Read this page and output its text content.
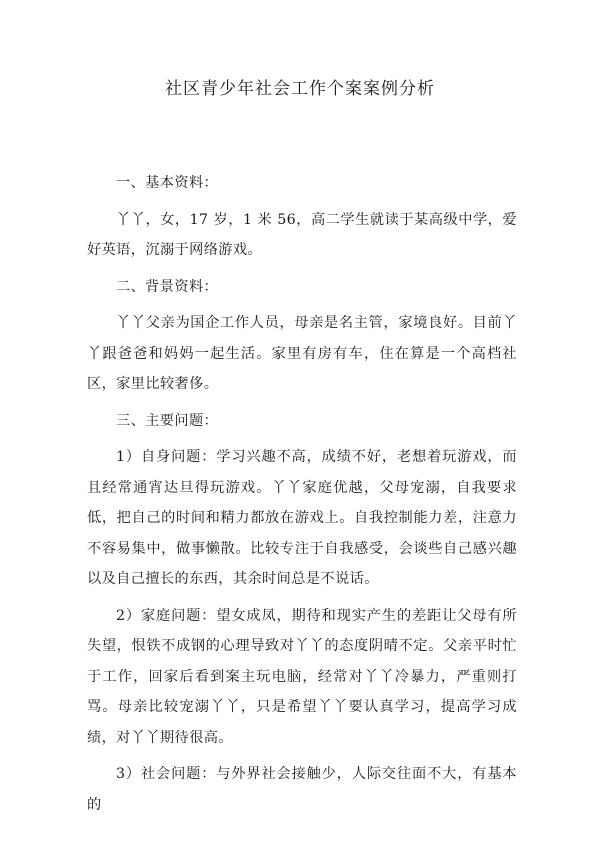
社区青少年社会工作个案案例分析

一、基本资料：

丫丫，女，17 岁，1 米 56，高二学生就读于某高级中学，爱好英语，沉溺于网络游戏。

二、背景资料：

丫丫父亲为国企工作人员，母亲是名主管，家境良好。目前丫丫跟爸爸和妈妈一起生活。家里有房有车，住在算是一个高档社区，家里比较奢侈。

三、主要问题：

1）自身问题：学习兴趣不高，成绩不好，老想着玩游戏，而且经常通宵达旦得玩游戏。丫丫家庭优越，父母宠溺，自我要求低，把自己的时间和精力都放在游戏上。自我控制能力差，注意力不容易集中，做事懒散。比较专注于自我感受，会谈些自己感兴趣以及自己擅长的东西，其余时间总是不说话。

2）家庭问题：望女成凤，期待和现实产生的差距让父母有所失望，恨铁不成钢的心理导致对丫丫的态度阴晴不定。父亲平时忙于工作，回家后看到案主玩电脑，经常对丫丫冷暴力，严重则打骂。母亲比较宠溺丫丫，只是希望丫丫要认真学习，提高学习成绩，对丫丫期待很高。

3）社会问题：与外界社会接触少，人际交往面不大，有基本的
